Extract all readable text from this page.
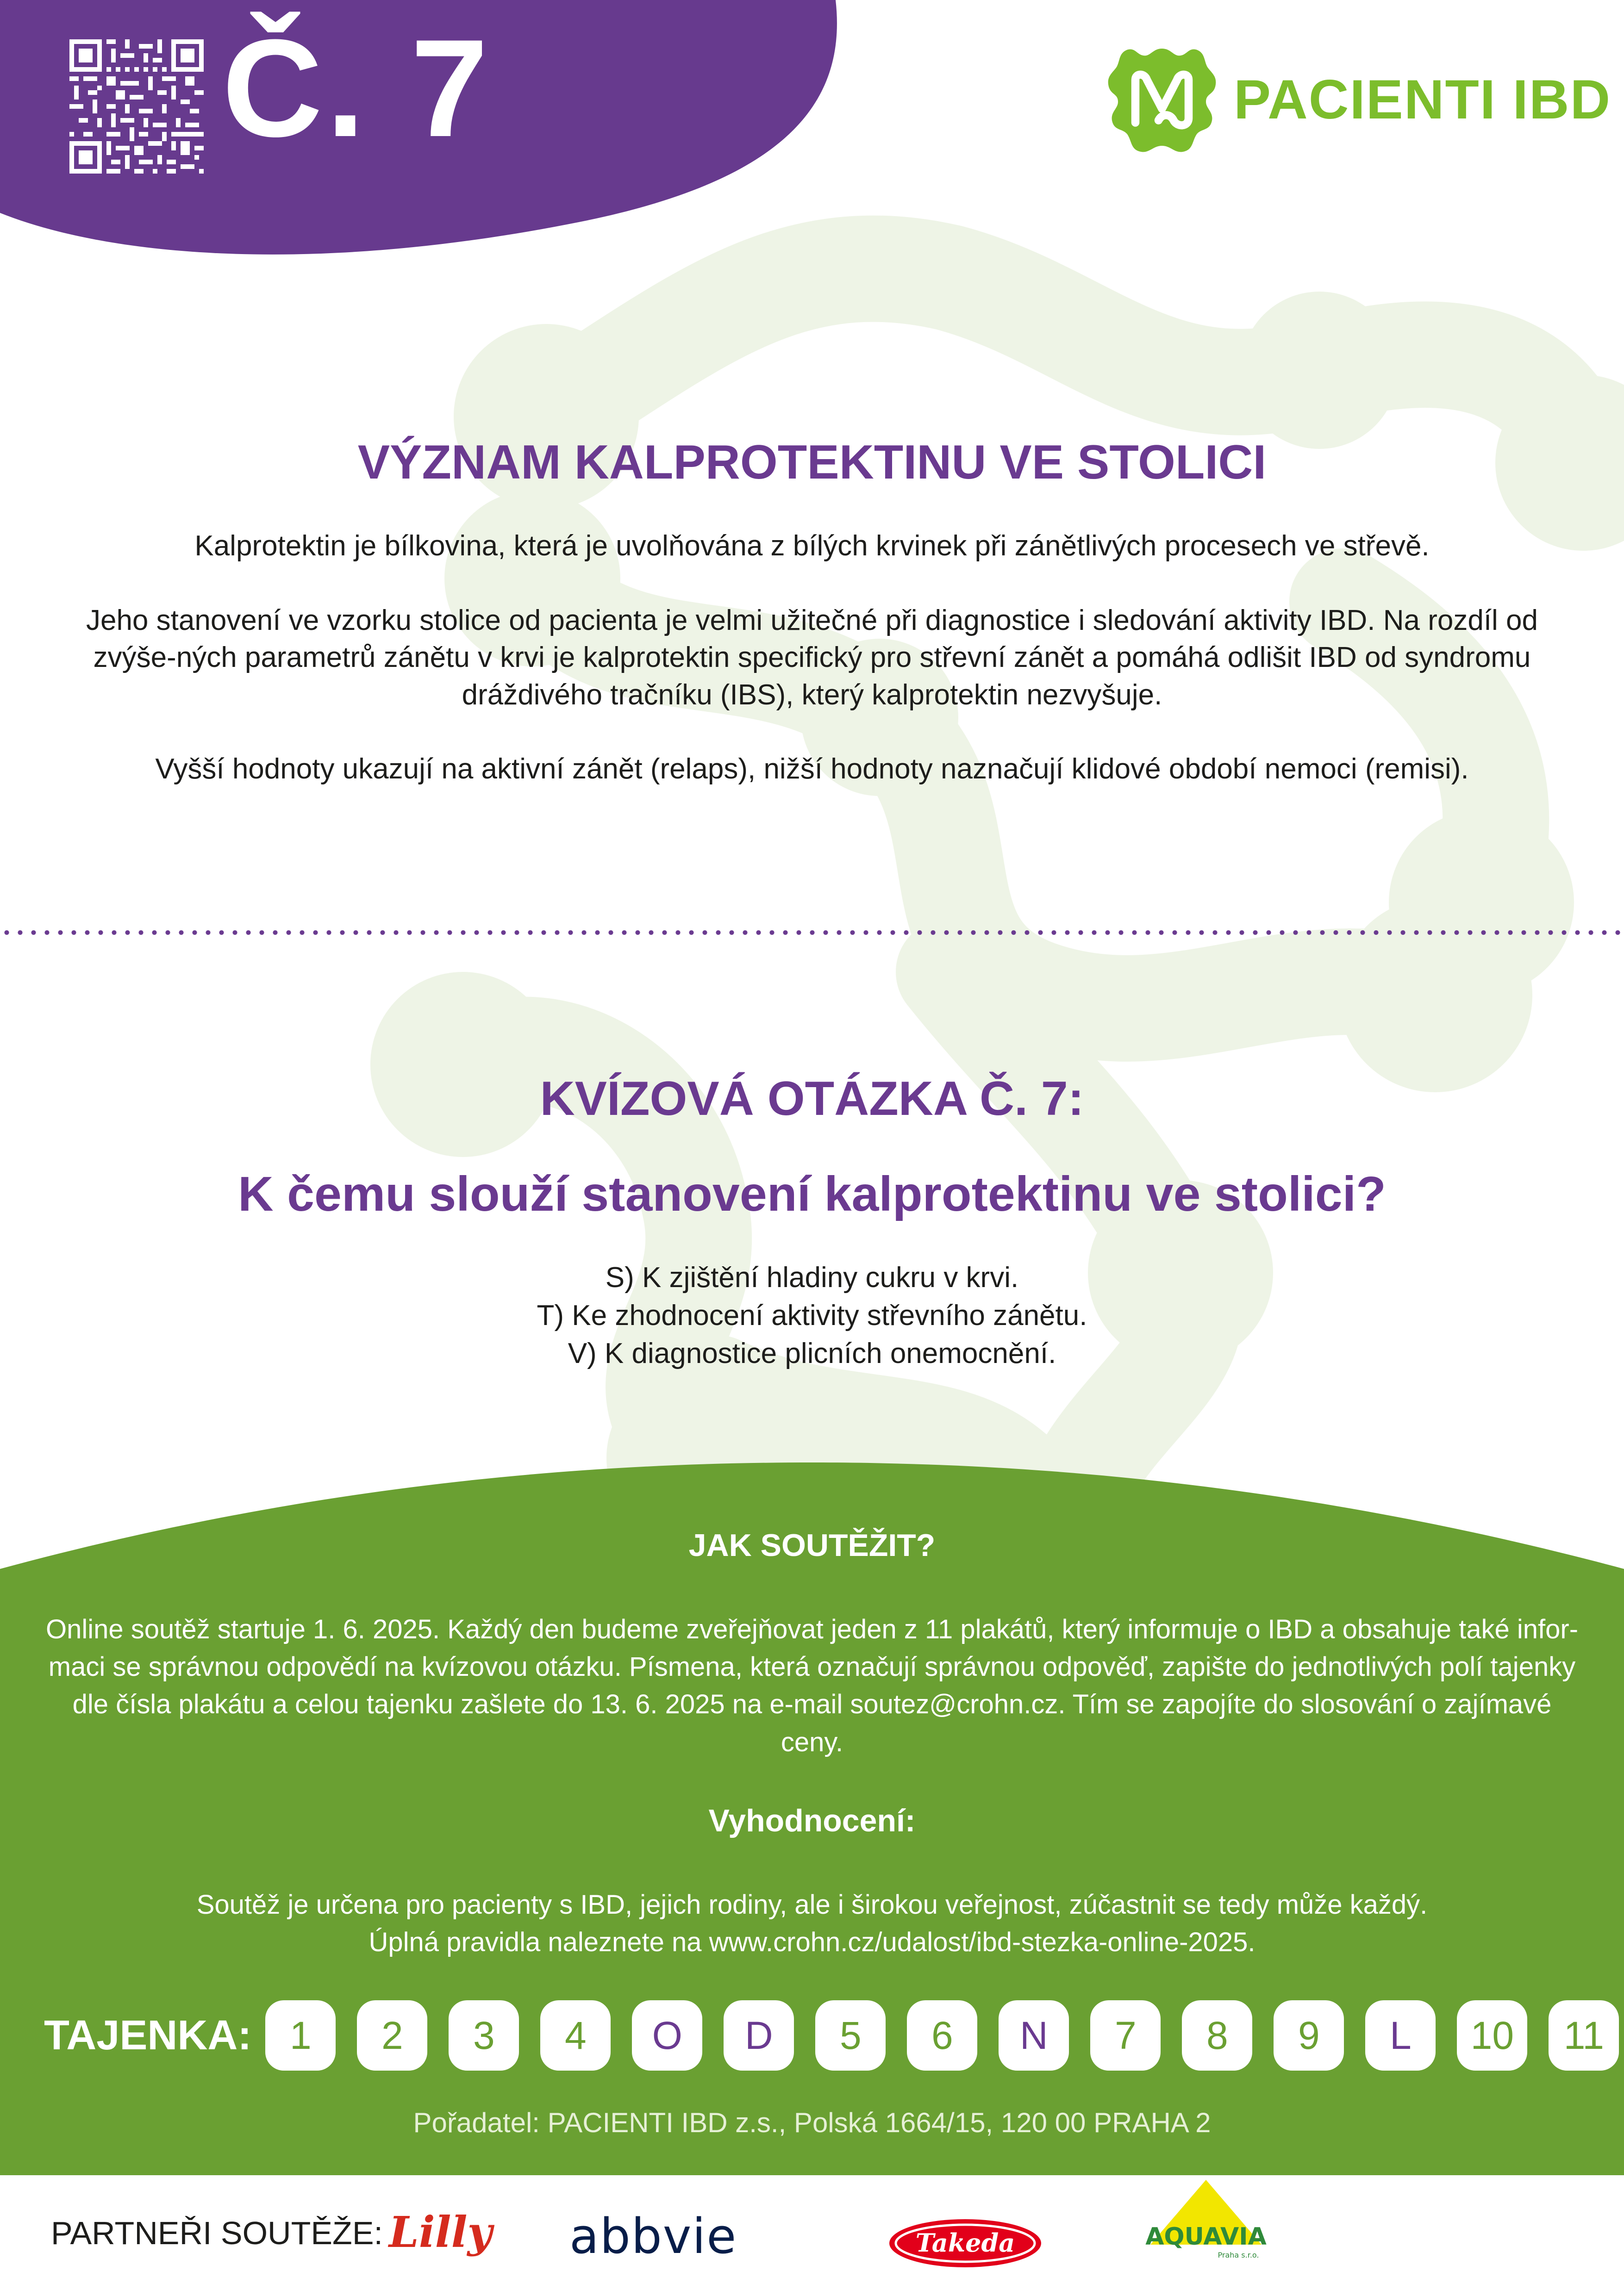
Č. 7	PACIENTI IBD
VÝZNAM KALPROTEKTINU VE STOLICI

Kalprotektin je bílkovina, která je uvolňována z bílých krvinek při zánětlivých procesech ve střevě.

Jeho stanovení ve vzorku stolice od pacienta je velmi užitečné při diagnostice i sledování aktivity IBD. Na rozdíl od zvýše-ných parametrů zánětu v krvi je kalprotektin specifický pro střevní zánět a pomáhá odlišit IBD od syndromu dráždivého tračníku (IBS), který kalprotektin nezvyšuje.

Vyšší hodnoty ukazují na aktivní zánět (relaps), nižší hodnoty naznačují klidové období nemoci (remisi).

KVÍZOVÁ OTÁZKA Č. 7:
K čemu slouží stanovení kalprotektinu ve stolici?
S) K zjištění hladiny cukru v krvi.
T) Ke zhodnocení aktivity střevního zánětu.
V) K diagnostice plicních onemocnění.
JAK SOUTĚŽIT?
Online soutěž startuje 1. 6. 2025. Každý den budeme zveřejňovat jeden z 11 plakátů, který informuje o IBD a obsahuje také infor-maci se správnou odpovědí na kvízovou otázku. Písmena, která označují správnou odpověď, zapište do jednotlivých polí tajenky dle čísla plakátu a celou tajenku zašlete do 13. 6. 2025 na e-mail soutez@crohn.cz. Tím se zapojíte do slosování o zajímavé ceny.
Vyhodnocení:
Soutěž je určena pro pacienty s IBD, jejich rodiny, ale i širokou veřejnost, zúčastnit se tedy může každý.
Úplná pravidla naleznete na www.crohn.cz/udalost/ibd-stezka-online-2025.
TAJENKA: 1	2	3	4	O	D	5	6	N	7	8	9	L	10	11
Pořadatel: PACIENTI IBD z.s., Polská 1664/15, 120 00 PRAHA 2
PARTNEŘI SOUTĚŽE: Lilly abbvie	Takeda	AQUAVIA
Praha s.r.o.
